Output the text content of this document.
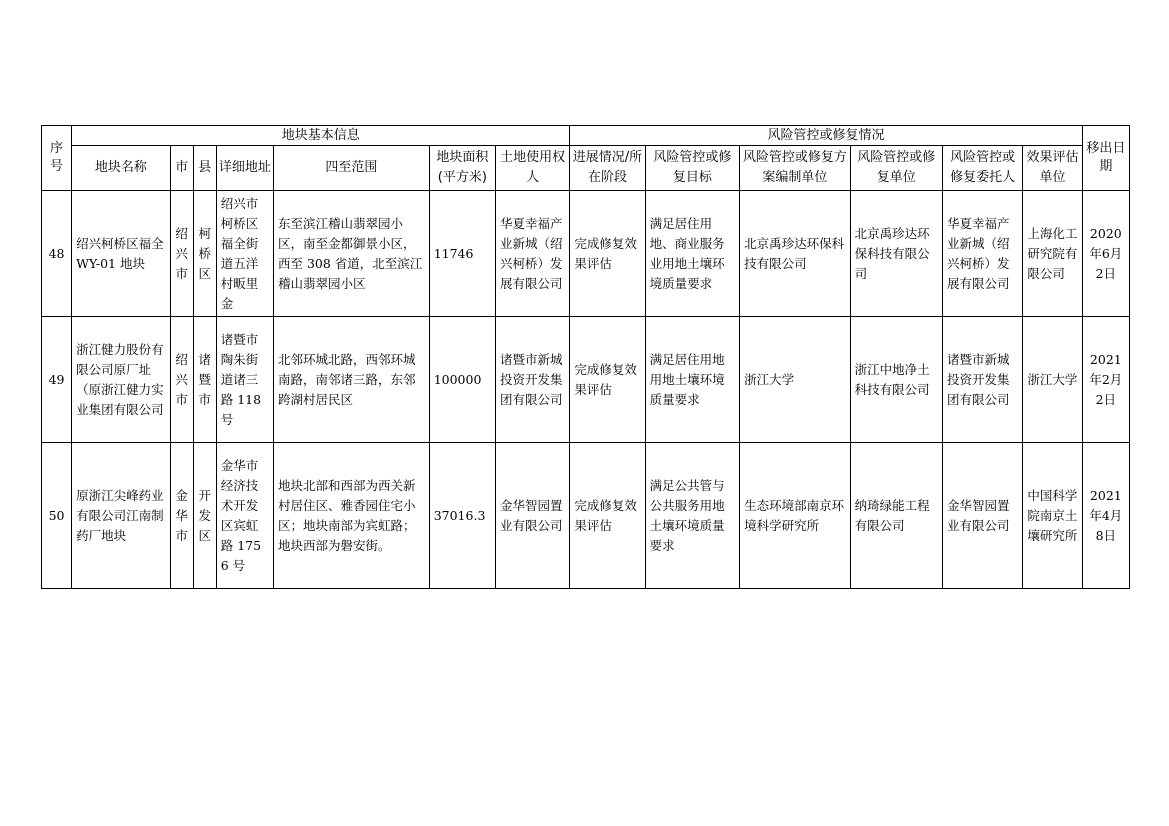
序号	地块基本信息							风险管控或修复情况						移出日期
	地块名称	市	县	详细地址	四至范围	地块面积(平方米)	土地使用权人	进展情况/所在阶段	风险管控或修复目标	风险管控或修复方案编制单位	风险管控或修复单位	风险管控或修复委托人	效果评估单位	
48	绍兴柯桥区福全 WY-01 地块	绍兴市	柯桥区	绍兴市柯桥区福全街道五洋村畈里金	东至滨江稽山翡翠园小区，南至金都御景小区，西至 308 省道，北至滨江稽山翡翠园小区	11746	华夏幸福产业新城（绍兴柯桥）发展有限公司	完成修复效果评估	满足居住用地、商业服务业用地土壤环境质量要求	北京禹珍达环保科技有限公司	北京禹珍达环保科技有限公司	华夏幸福产业新城（绍兴柯桥）发展有限公司	上海化工研究院有限公司	2020年6月2日
49	浙江健力股份有限公司原厂址（原浙江健力实业集团有限公司	绍兴市	诸暨市	诸暨市陶朱街道诸三路 118 号	北邻环城北路，西邻环城南路，南邻诸三路，东邻跨湖村居民区	100000	诸暨市新城投资开发集团有限公司	完成修复效果评估	满足居住用地用地土壤环境质量要求	浙江大学	浙江中地净土科技有限公司	诸暨市新城投资开发集团有限公司	浙江大学	2021年2月2日
50	原浙江尖峰药业有限公司江南制药厂地块	金华市	开发区	金华市经济技术开发区宾虹路 1756 号	地块北部和西部为西关新村居住区、雅香园住宅小区；地块南部为宾虹路；地块西部为磐安街。	37016.3	金华智园置业有限公司	完成修复效果评估	满足公共管与公共服务用地土壤环境质量要求	生态环境部南京环境科学研究所	纳琦绿能工程有限公司	金华智园置业有限公司	中国科学院南京土壤研究所	2021年4月8日
